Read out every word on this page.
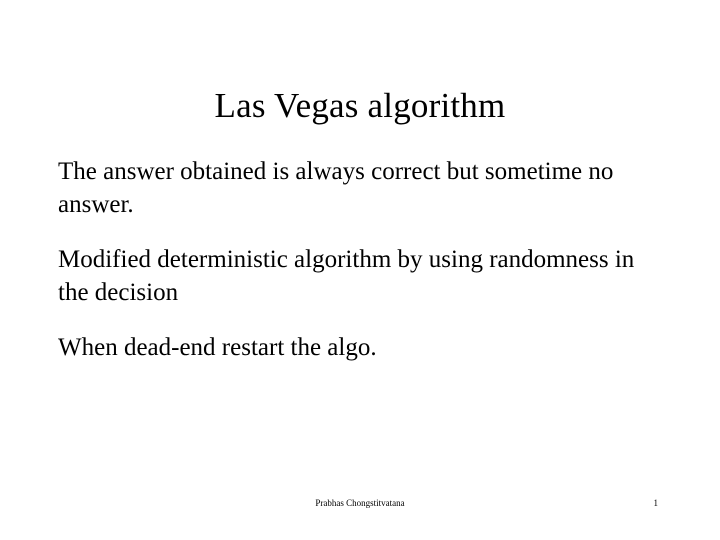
Las Vegas algorithm

The answer obtained is always correct but sometime no answer.

Modified deterministic algorithm by using randomness in the decision

When dead-end restart the algo.

Prabhas Chongstitvatana	1
